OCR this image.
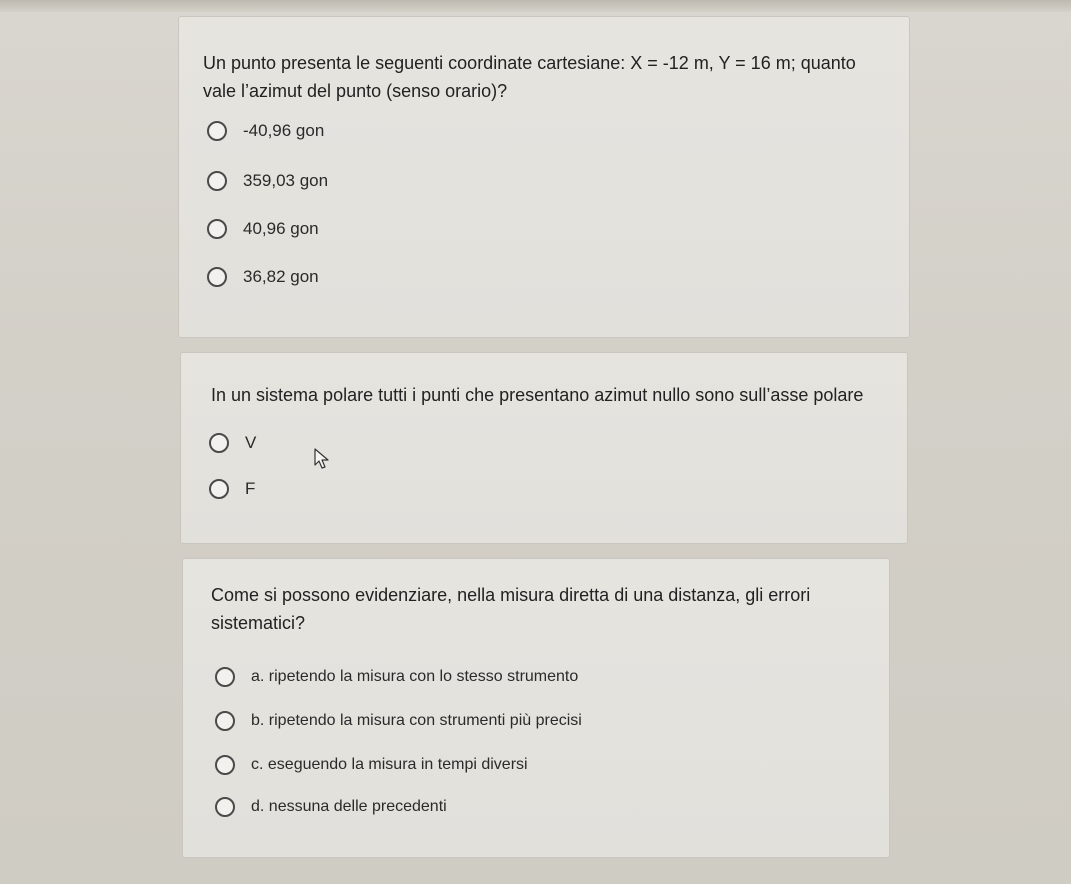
Un punto presenta le seguenti coordinate cartesiane: X = -12 m, Y = 16 m; quanto vale l’azimut del punto (senso orario)?
-40,96 gon
359,03 gon
40,96 gon
36,82 gon
In un sistema polare tutti i punti che presentano azimut nullo sono sull’asse polare
V
F
Come si possono evidenziare, nella misura diretta di una distanza, gli errori sistematici?
a. ripetendo la misura con lo stesso strumento
b. ripetendo la misura con strumenti più precisi
c. eseguendo la misura in tempi diversi
d. nessuna delle precedenti
